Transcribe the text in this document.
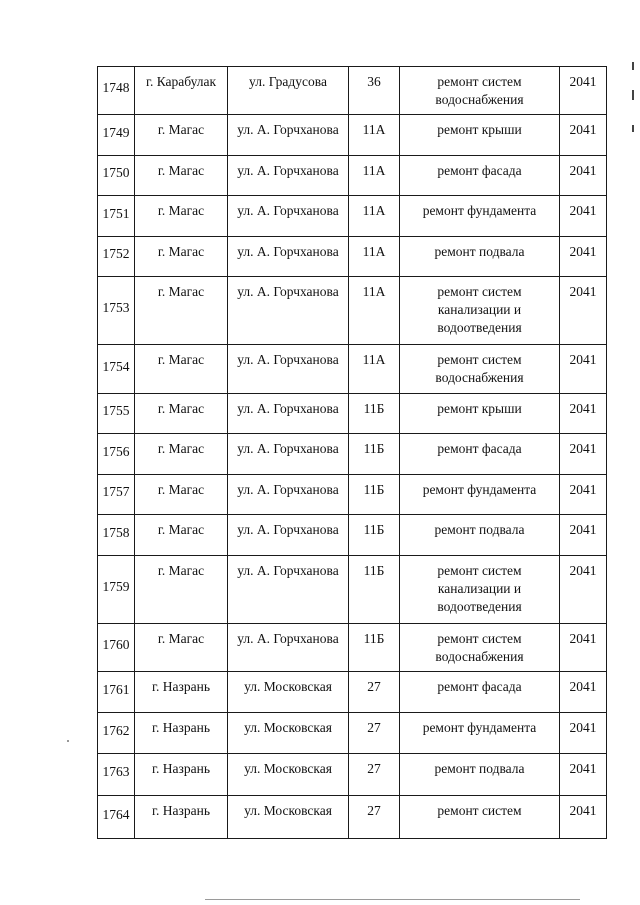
1748	г. Карабулак	ул. Градусова	36	ремонт систем
водоснабжения	2041
1749	г. Магас	ул. А. Горчханова	11А	ремонт крыши	2041
1750	г. Магас	ул. А. Горчханова	11А	ремонт фасада	2041
1751	г. Магас	ул. А. Горчханова	11А	ремонт фундамента	2041
1752	г. Магас	ул. А. Горчханова	11А	ремонт подвала	2041
1753	г. Магас	ул. А. Горчханова	11А	ремонт систем
канализации и
водоотведения	2041
1754	г. Магас	ул. А. Горчханова	11А	ремонт систем
водоснабжения	2041
1755	г. Магас	ул. А. Горчханова	11Б	ремонт крыши	2041
1756	г. Магас	ул. А. Горчханова	11Б	ремонт фасада	2041
1757	г. Магас	ул. А. Горчханова	11Б	ремонт фундамента	2041
1758	г. Магас	ул. А. Горчханова	11Б	ремонт подвала	2041
1759	г. Магас	ул. А. Горчханова	11Б	ремонт систем
канализации и
водоотведения	2041
1760	г. Магас	ул. А. Горчханова	11Б	ремонт систем
водоснабжения	2041
1761	г. Назрань	ул. Московская	27	ремонт фасада	2041
1762	г. Назрань	ул. Московская	27	ремонт фундамента	2041
1763	г. Назрань	ул. Московская	27	ремонт подвала	2041
1764	г. Назрань	ул. Московская	27	ремонт систем	2041
